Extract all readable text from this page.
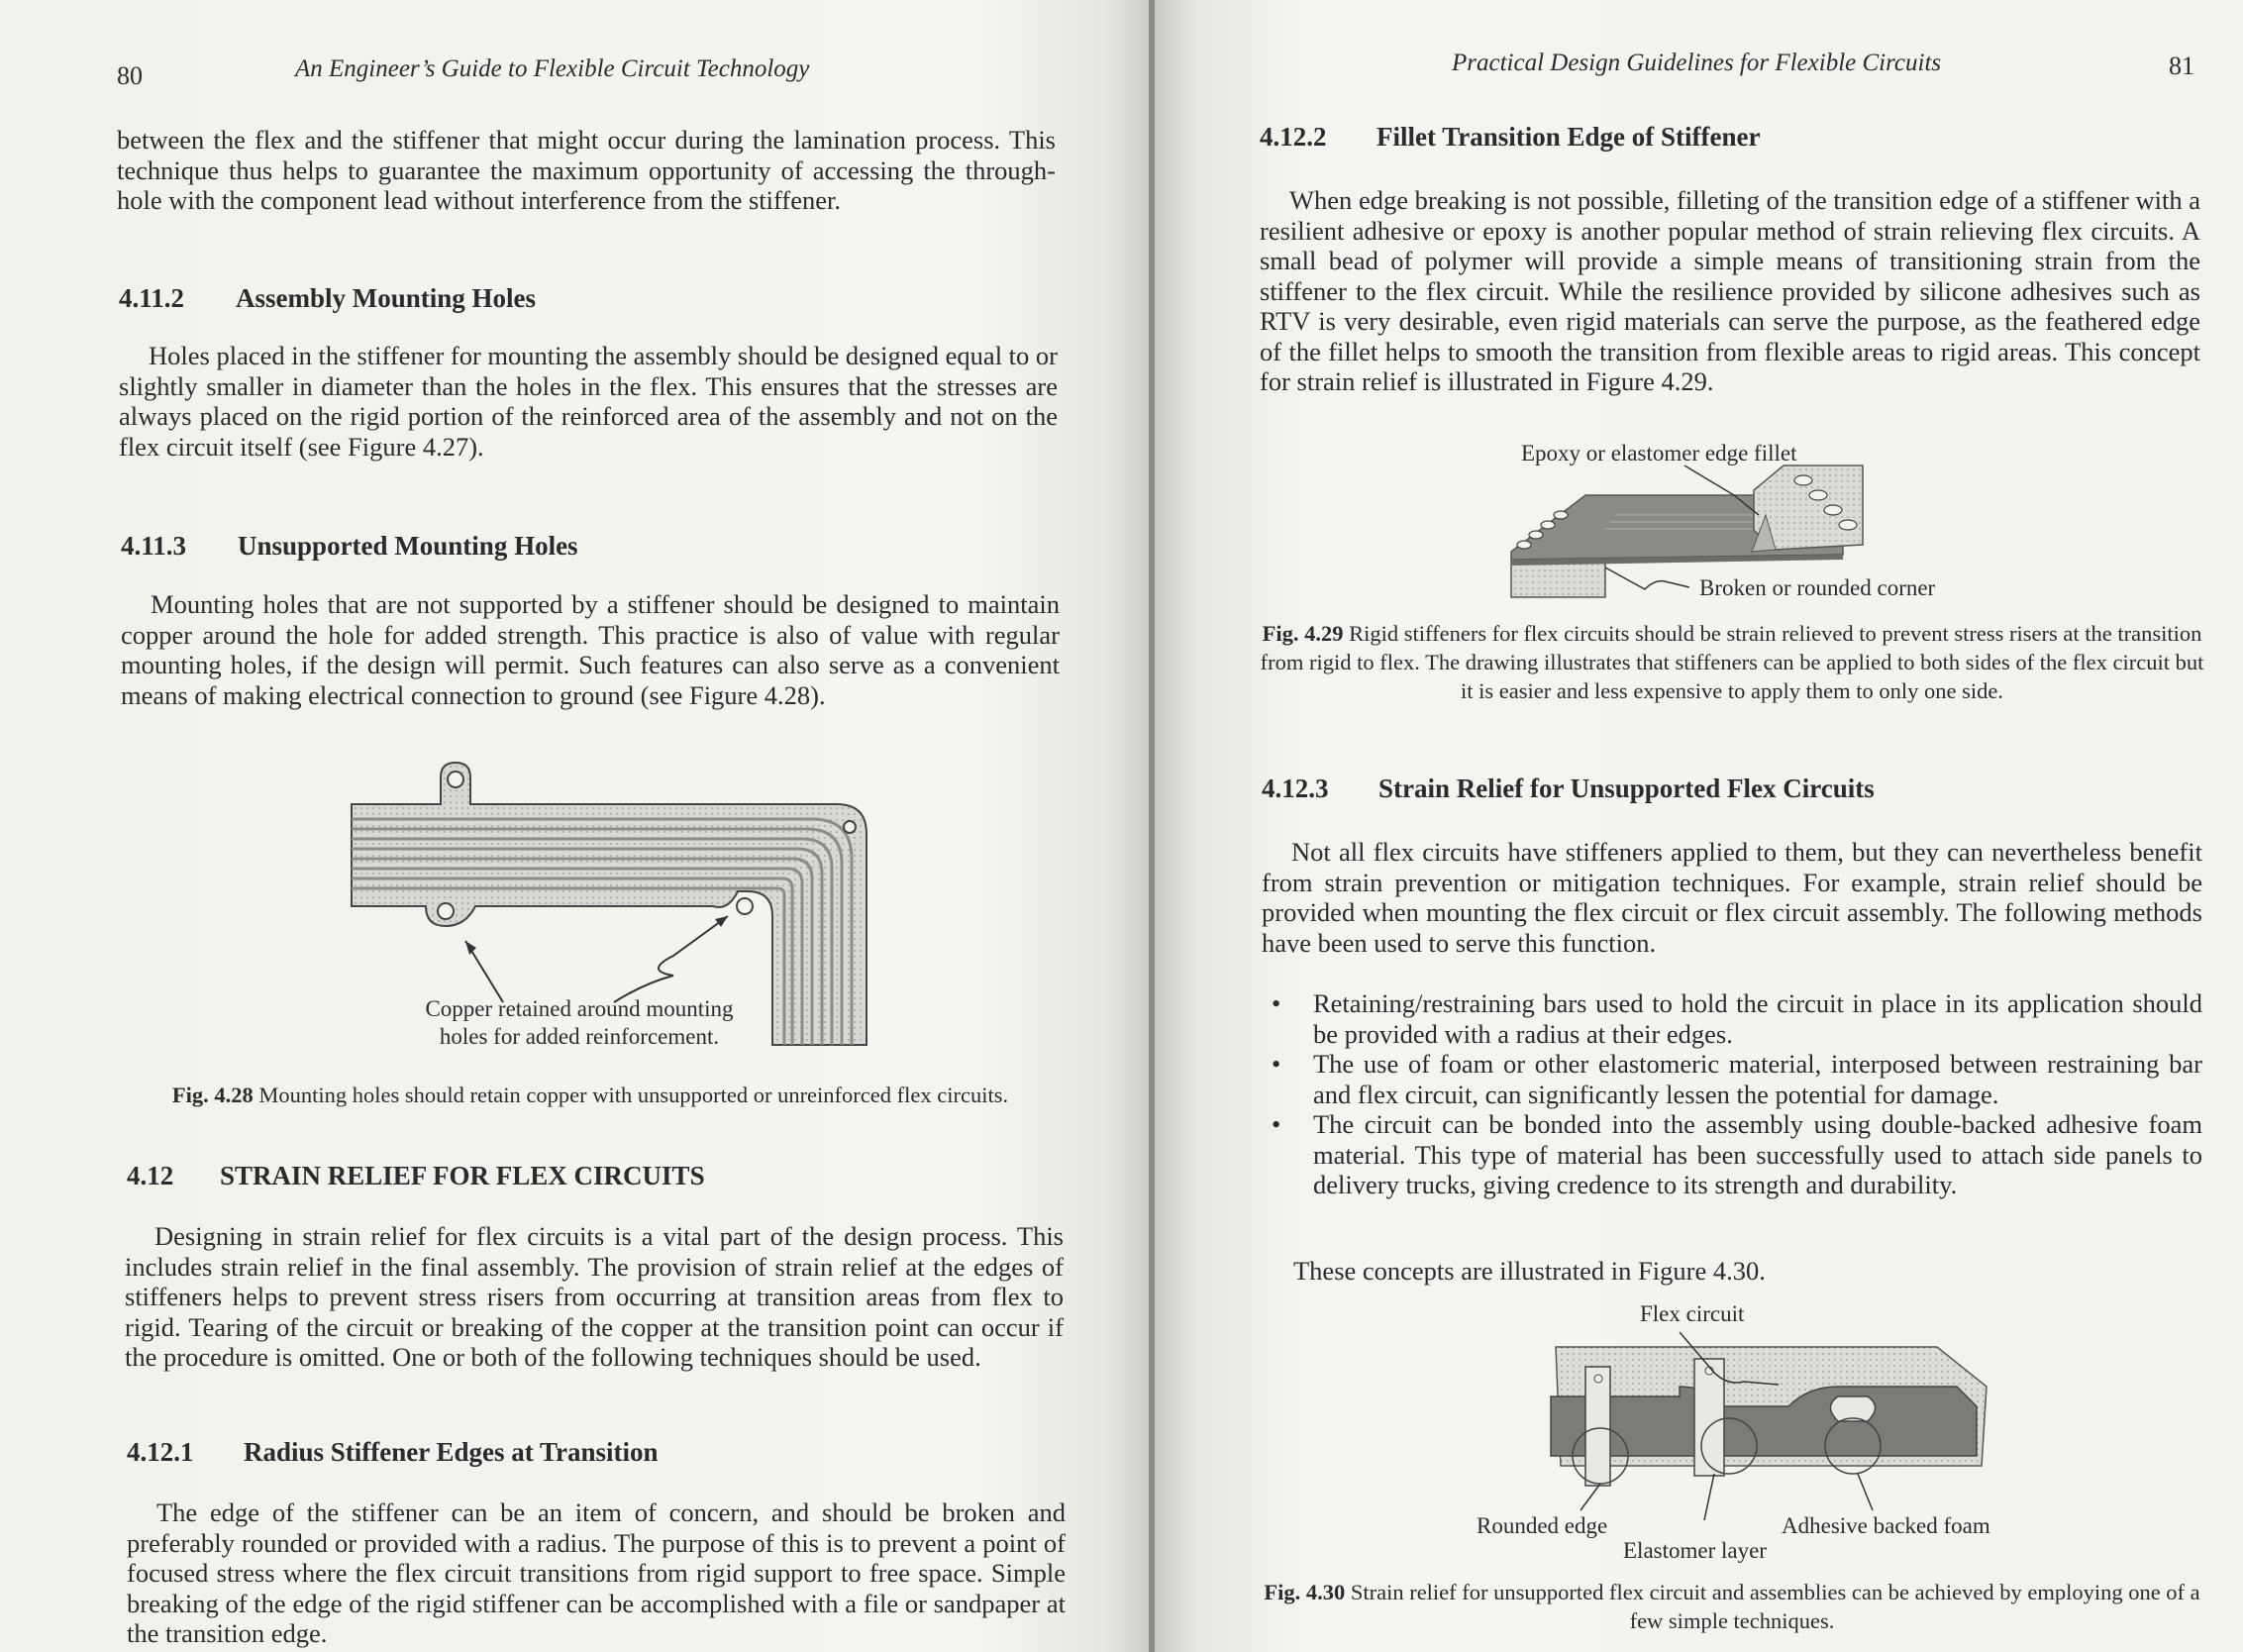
80	An Engineer’s Guide to Flexible Circuit Technology

between the flex and the stiffener that might occur during the lamination process. This technique thus helps to guarantee the maximum opportunity of accessing the through-hole with the component lead without interference from the stiffener.

4.11.2 Assembly Mounting Holes

Holes placed in the stiffener for mounting the assembly should be designed equal to or slightly smaller in diameter than the holes in the flex. This ensures that the stresses are always placed on the rigid portion of the reinforced area of the assembly and not on the flex circuit itself (see Figure 4.27).

4.11.3 Unsupported Mounting Holes

Mounting holes that are not supported by a stiffener should be designed to maintain copper around the hole for added strength. This practice is also of value with regular mounting holes, if the design will permit. Such features can also serve as a convenient means of making electrical connection to ground (see Figure 4.28).

Copper retained around mounting
holes for added reinforcement.

Fig. 4.28 Mounting holes should retain copper with unsupported or unreinforced flex circuits.

4.12 STRAIN RELIEF FOR FLEX CIRCUITS

Designing in strain relief for flex circuits is a vital part of the design process. This includes strain relief in the final assembly. The provision of strain relief at the edges of stiffeners helps to prevent stress risers from occurring at transition areas from flex to rigid. Tearing of the circuit or breaking of the copper at the transition point can occur if the procedure is omitted. One or both of the following techniques should be used.

4.12.1 Radius Stiffener Edges at Transition

The edge of the stiffener can be an item of concern, and should be broken and preferably rounded or provided with a radius. The purpose of this is to prevent a point of focused stress where the flex circuit transitions from rigid support to free space. Simple breaking of the edge of the rigid stiffener can be accomplished with a file or sandpaper at the transition edge.

Practical Design Guidelines for Flexible Circuits	81
4.12.2 Fillet Transition Edge of Stiffener

When edge breaking is not possible, filleting of the transition edge of a stiffener with a resilient adhesive or epoxy is another popular method of strain relieving flex circuits. A small bead of polymer will provide a simple means of transitioning strain from the stiffener to the flex circuit. While the resilience provided by silicone adhesives such as RTV is very desirable, even rigid materials can serve the purpose, as the feathered edge of the fillet helps to smooth the transition from flexible areas to rigid areas. This concept for strain relief is illustrated in Figure 4.29.

Epoxy or elastomer edge fillet
Broken or rounded corner

Fig. 4.29 Rigid stiffeners for flex circuits should be strain relieved to prevent stress risers at the transition from rigid to flex. The drawing illustrates that stiffeners can be applied to both sides of the flex circuit but it is easier and less expensive to apply them to only one side.

4.12.3 Strain Relief for Unsupported Flex Circuits

Not all flex circuits have stiffeners applied to them, but they can nevertheless benefit from strain prevention or mitigation techniques. For example, strain relief should be provided when mounting the flex circuit or flex circuit assembly. The following methods have been used to serve this function.

• Retaining/restraining bars used to hold the circuit in place in its application should be provided with a radius at their edges.
• The use of foam or other elastomeric material, interposed between restraining bar and flex circuit, can significantly lessen the potential for damage.
• The circuit can be bonded into the assembly using double-backed adhesive foam material. This type of material has been successfully used to attach side panels to delivery trucks, giving credence to its strength and durability.

These concepts are illustrated in Figure 4.30.

Flex circuit
Rounded edge	Adhesive backed foam
Elastomer layer

Fig. 4.30 Strain relief for unsupported flex circuit and assemblies can be achieved by employing one of a few simple techniques.
